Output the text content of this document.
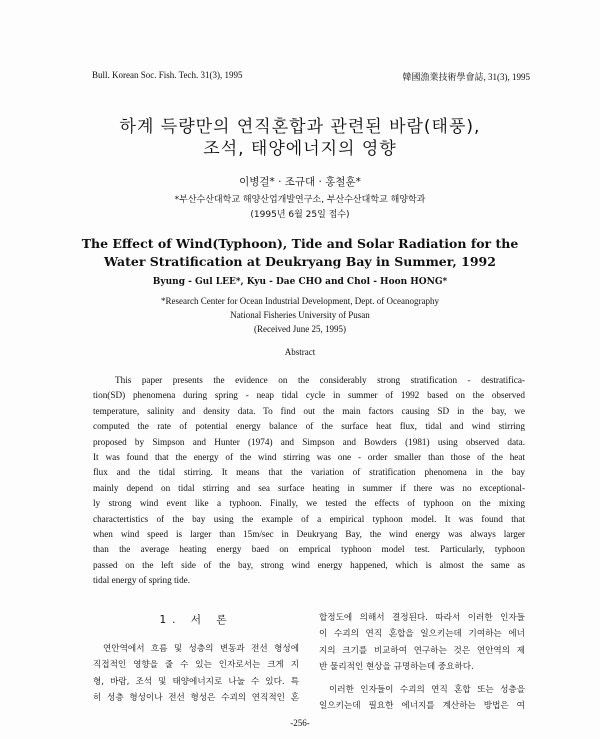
Bull. Korean Soc. Fish. Tech. 31(3), 1995	韓國漁業技術學會誌, 31(3), 1995
하계 득량만의 연직혼합과 관련된 바람(태풍),
조석, 태양에너지의 영향
이병걸* · 조규대 · 홍철훈*
*부산수산대학교 해양산업개발연구소, 부산수산대학교 해양학과
(1995년 6월 25일 접수)
The Effect of Wind(Typhoon), Tide and Solar Radiation for the
Water Stratification at Deukryang Bay in Summer, 1992
Byung - Gul LEE*, Kyu - Dae CHO and Chol - Hoon HONG*
*Research Center for Ocean Industrial Development, Dept. of Oceanography
National Fisheries University of Pusan
(Received June 25, 1995)
Abstract
This paper presents the evidence on the considerably strong stratification - destratifica-
tion(SD) phenomena during spring - neap tidal cycle in summer of 1992 based on the observed
temperature, salinity and density data. To find out the main factors causing SD in the bay, we
computed the rate of potential energy balance of the surface heat flux, tidal and wind stirring
proposed by Simpson and Hunter (1974) and Simpson and Bowders (1981) using observed data.
It was found that the energy of the wind stirring was one - order smaller than those of the heat
flux and the tidal stirring. It means that the variation of stratification phenomena in the bay
mainly depend on tidal stirring and sea surface heating in summer if there was no exceptional-
ly strong wind event like a typhoon. Finally, we tested the effects of typhoon on the mixing
charactertistics of the bay using the example of a empirical typhoon model. It was found that
when wind speed is larger than 15m/sec in Deukryang Bay, the wind energy was always larger
than the average heating energy baed on emprical typhoon model test. Particularly, typhoon
passed on the left side of the bay, strong wind energy happened, which is almost the same as
tidal energy of spring tide.
1. 서 론
연안역에서 흐름 및 성층의 변동과 전선 형성에
직접적인 영향을 줄 수 있는 인자로서는 크게 지
형, 바람, 조석 및 태양에너지로 나눌 수 있다. 특
히 성층 형성이나 전선 형성은 수괴의 연직적인 혼
합정도에 의해서 결정된다. 따라서 이러한 인자들
이 수괴의 연직 혼합을 일으키는데 기여하는 에너
지의 크기를 비교하여 연구하는 것은 연안역의 제
반 물리적인 현상을 규명하는데 중요하다.
이러한 인자들이 수괴의 연직 혼합 또는 성층을
일으키는데 필요한 에너지를 계산하는 방법은 여
-256-
